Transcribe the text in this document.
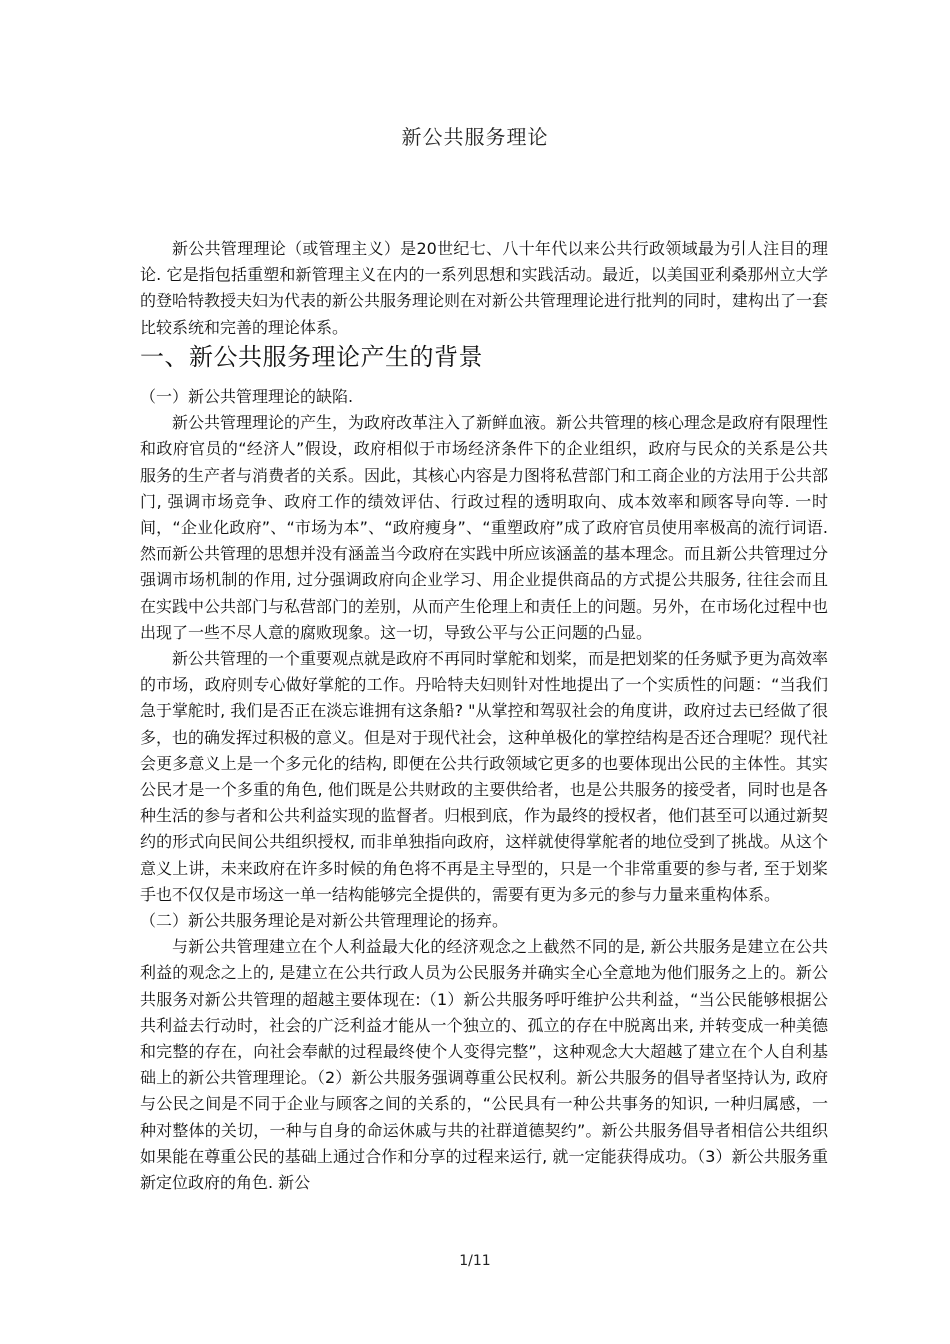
新公共服务理论

新公共管理理论（或管理主义）是20世纪七、八十年代以来公共行政领域最为引人注目的理论. 它是指包括重塑和新管理主义在内的一系列思想和实践活动。最近，以美国亚利桑那州立大学的登哈特教授夫妇为代表的新公共服务理论则在对新公共管理理论进行批判的同时，建构出了一套比较系统和完善的理论体系。

一、新公共服务理论产生的背景

（一）新公共管理理论的缺陷.

新公共管理理论的产生，为政府改革注入了新鲜血液。新公共管理的核心理念是政府有限理性和政府官员的“经济人”假设，政府相似于市场经济条件下的企业组织，政府与民众的关系是公共服务的生产者与消费者的关系。因此，其核心内容是力图将私营部门和工商企业的方法用于公共部门, 强调市场竞争、政府工作的绩效评估、行政过程的透明取向、成本效率和顾客导向等. 一时间，“企业化政府”、“市场为本”、“政府瘦身”、“重塑政府”成了政府官员使用率极高的流行词语. 然而新公共管理的思想并没有涵盖当今政府在实践中所应该涵盖的基本理念。而且新公共管理过分强调市场机制的作用, 过分强调政府向企业学习、用企业提供商品的方式提公共服务, 往往会而且在实践中公共部门与私营部门的差别，从而产生伦理上和责任上的问题。另外，在市场化过程中也出现了一些不尽人意的腐败现象。这一切，导致公平与公正问题的凸显。

新公共管理的一个重要观点就是政府不再同时掌舵和划桨，而是把划桨的任务赋予更为高效率的市场，政府则专心做好掌舵的工作。丹哈特夫妇则针对性地提出了一个实质性的问题：“当我们急于掌舵时, 我们是否正在淡忘谁拥有这条船? "从掌控和驾驭社会的角度讲，政府过去已经做了很多，也的确发挥过积极的意义。但是对于现代社会，这种单极化的掌控结构是否还合理呢？现代社会更多意义上是一个多元化的结构, 即便在公共行政领域它更多的也要体现出公民的主体性。其实公民才是一个多重的角色, 他们既是公共财政的主要供给者，也是公共服务的接受者，同时也是各种生活的参与者和公共利益实现的监督者。归根到底，作为最终的授权者，他们甚至可以通过新契约的形式向民间公共组织授权, 而非单独指向政府，这样就使得掌舵者的地位受到了挑战。从这个意义上讲，未来政府在许多时候的角色将不再是主导型的，只是一个非常重要的参与者, 至于划桨手也不仅仅是市场这一单一结构能够完全提供的，需要有更为多元的参与力量来重构体系。

（二）新公共服务理论是对新公共管理理论的扬弃。

与新公共管理建立在个人利益最大化的经济观念之上截然不同的是, 新公共服务是建立在公共利益的观念之上的, 是建立在公共行政人员为公民服务并确实全心全意地为他们服务之上的。新公共服务对新公共管理的超越主要体现在:（1）新公共服务呼吁维护公共利益，“当公民能够根据公共利益去行动时，社会的广泛利益才能从一个独立的、孤立的存在中脱离出来, 并转变成一种美德和完整的存在，向社会奉献的过程最终使个人变得完整”，这种观念大大超越了建立在个人自利基础上的新公共管理理论。（2）新公共服务强调尊重公民权利。新公共服务的倡导者坚持认为, 政府与公民之间是不同于企业与顾客之间的关系的，“公民具有一种公共事务的知识, 一种归属感，一种对整体的关切，一种与自身的命运休戚与共的社群道德契约”。新公共服务倡导者相信公共组织如果能在尊重公民的基础上通过合作和分享的过程来运行, 就一定能获得成功。（3）新公共服务重新定位政府的角色. 新公

1/11
